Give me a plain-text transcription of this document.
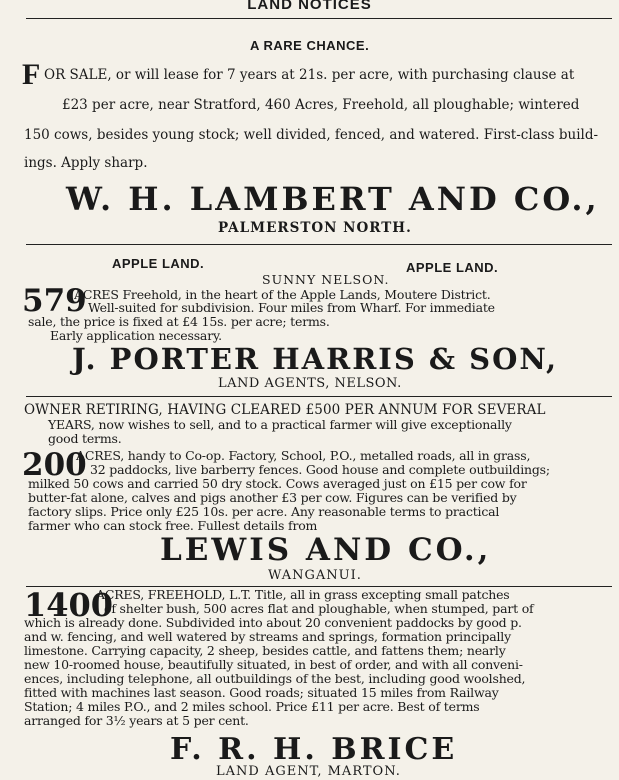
LAND NOTICES
A RARE CHANCE.
F OR SALE, or will lease for 7 years at 21s. per acre, with purchasing clause at
£23 per acre, near Stratford, 460 Acres, Freehold, all ploughable; wintered
150 cows, besides young stock; well divided, fenced, and watered. First-class build-
ings. Apply sharp.
W. H. LAMBERT AND CO.,
PALMERSTON NORTH.
APPLE LAND.	APPLE LAND.
SUNNY NELSON.
579
ACRES Freehold, in the heart of the Apple Lands, Moutere District.
Well-suited for subdivision. Four miles from Wharf. For immediate
sale, the price is fixed at £4 15s. per acre; terms.
Early application necessary.
J. PORTER HARRIS & SON,
LAND AGENTS, NELSON.
OWNER RETIRING, HAVING CLEARED £500 PER ANNUM FOR SEVERAL
YEARS, now wishes to sell, and to a practical farmer will give exceptionally
good terms.
200
ACRES, handy to Co-op. Factory, School, P.O., metalled roads, all in grass,
32 paddocks, live barberry fences. Good house and complete outbuildings;
milked 50 cows and carried 50 dry stock. Cows averaged just on £15 per cow for
butter-fat alone, calves and pigs another £3 per cow. Figures can be verified by
factory slips. Price only £25 10s. per acre. Any reasonable terms to practical
farmer who can stock free. Fullest details from
LEWIS AND CO.,
WANGANUI.
1400
ACRES, FREEHOLD, L.T. Title, all in grass excepting small patches
of shelter bush, 500 acres flat and ploughable, when stumped, part of
which is already done. Subdivided into about 20 convenient paddocks by good p.
and w. fencing, and well watered by streams and springs, formation principally
limestone. Carrying capacity, 2 sheep, besides cattle, and fattens them; nearly
new 10-roomed house, beautifully situated, in best of order, and with all conveni-
ences, including telephone, all outbuildings of the best, including good woolshed,
fitted with machines last season. Good roads; situated 15 miles from Railway
Station; 4 miles P.O., and 2 miles school. Price £11 per acre. Best of terms
arranged for 3½ years at 5 per cent.
F. R. H. BRICE
LAND AGENT, MARTON.
